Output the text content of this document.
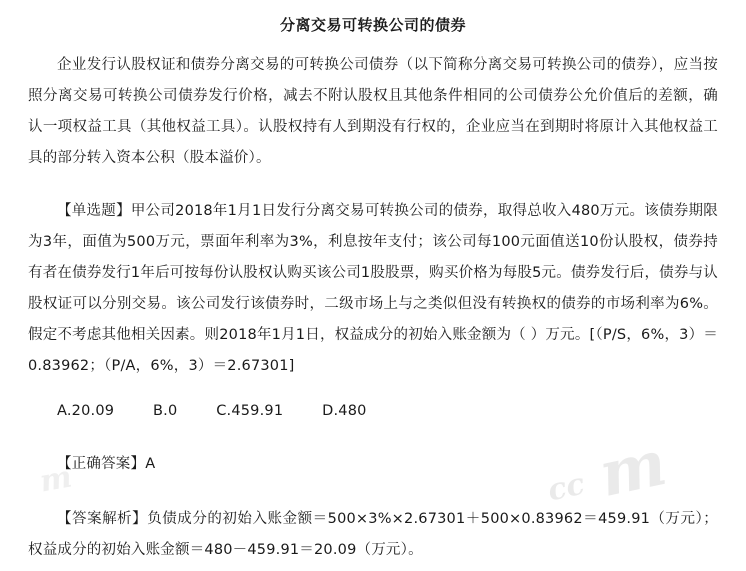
m
cc
m
分离交易可转换公司的债券

企业发行认股权证和债券分离交易的可转换公司债券（以下简称分离交易可转换公司的债券），应当按照分离交易可转换公司债券发行价格，减去不附认股权且其他条件相同的公司债券公允价值后的差额，确认一项权益工具（其他权益工具）。认股权持有人到期没有行权的，企业应当在到期时将原计入其他权益工具的部分转入资本公积（股本溢价）。

【单选题】甲公司2018年1月1日发行分离交易可转换公司的债券，取得总收入480万元。该债券期限为3年，面值为500万元，票面年利率为3%，利息按年支付；该公司每100元面值送10份认股权，债券持有者在债券发行1年后可按每份认股权认购买该公司1股股票，购买价格为每股5元。债券发行后，债券与认股权证可以分别交易。该公司发行该债券时，二级市场上与之类似但没有转换权的债券的市场利率为6%。假定不考虑其他相关因素。则2018年1月1日，权益成分的初始入账金额为（ ）万元。[（P/S，6%，3）＝0.83962；（P/A，6%，3）＝2.67301]

A.20.09	B.0	C.459.91	D.480
【正确答案】A
【答案解析】负债成分的初始入账金额＝500×3%×2.67301＋500×0.83962＝459.91（万元）；权益成分的初始入账金额＝480－459.91＝20.09（万元）。
